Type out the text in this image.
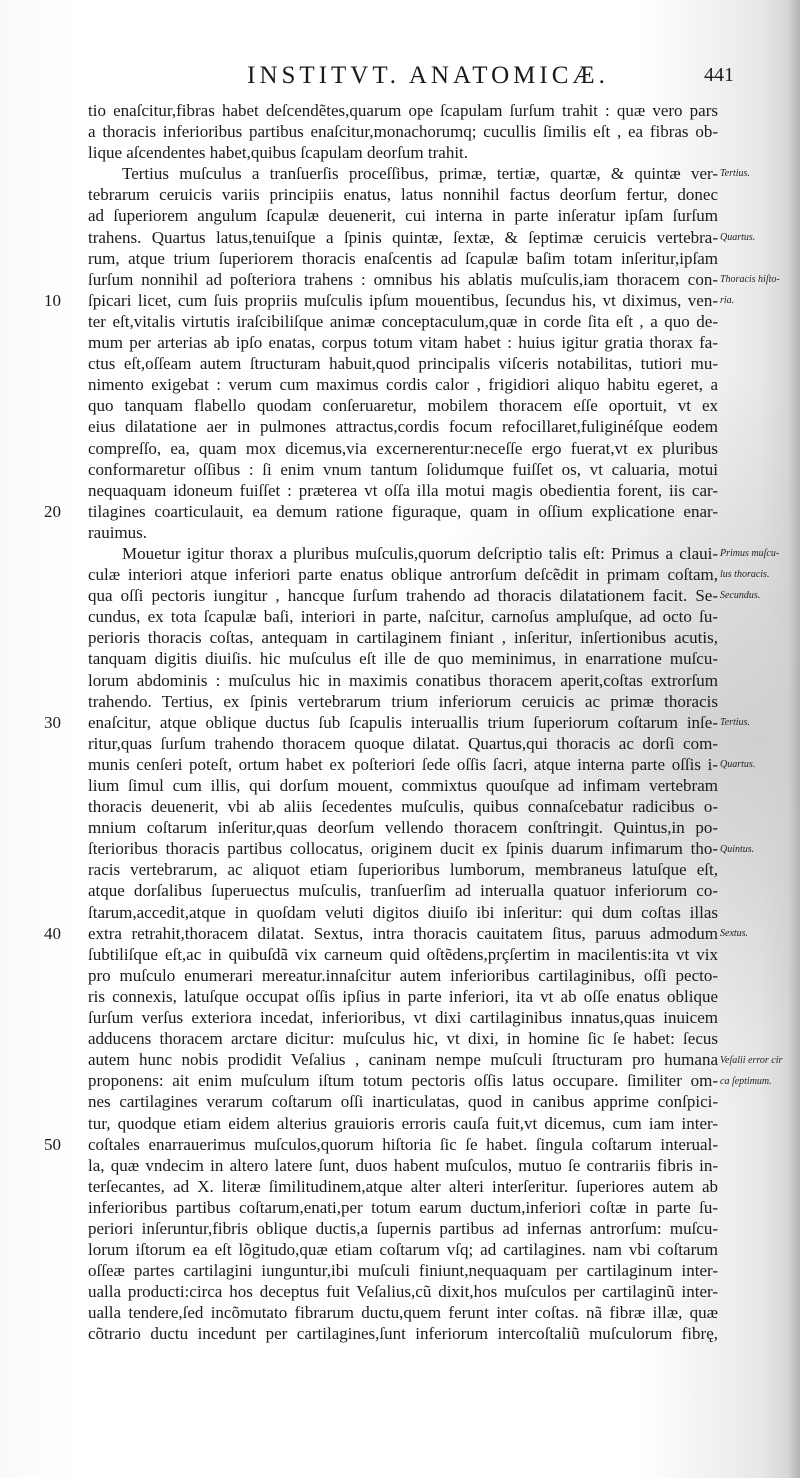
INSTITVT. ANATOMICÆ.	441
10
20
30
40
50
tio enaſcitur,fibras habet deſcendẽtes,quarum ope ſcapulam ſurſum trahit : quæ vero pars
a thoracis inferioribus partibus enaſcitur,monachorumq; cucullis ſimilis eſt , ea fibras ob-
lique aſcendentes habet,quibus ſcapulam deorſum trahit.
Tertius muſculus a tranſuerſis proceſſibus, primæ, tertiæ, quartæ, & quintæ ver-
tebrarum ceruicis variis principiis enatus, latus nonnihil factus deorſum fertur, donec
ad ſuperiorem angulum ſcapulæ deuenerit, cui interna in parte inſeratur ipſam ſurſum
trahens. Quartus latus,tenuiſque a ſpinis quintæ, ſextæ, & ſeptimæ ceruicis vertebra-
rum, atque trium ſuperiorem thoracis enaſcentis ad ſcapulæ baſim totam inſeritur,ipſam
ſurſum nonnihil ad poſteriora trahens : omnibus his ablatis muſculis,iam thoracem con-
ſpicari licet, cum ſuis propriis muſculis ipſum mouentibus, ſecundus his, vt diximus, ven-
ter eſt,vitalis virtutis iraſcibiliſque animæ conceptaculum,quæ in corde ſita eſt , a quo de-
mum per arterias ab ipſo enatas, corpus totum vitam habet : huius igitur gratia thorax fa-
ctus eſt,oſſeam autem ſtructuram habuit,quod principalis viſceris notabilitas, tutiori mu-
nimento exigebat : verum cum maximus cordis calor , frigidiori aliquo habitu egeret, a
quo tanquam flabello quodam conſeruaretur, mobilem thoracem eſſe oportuit, vt ex
eius dilatatione aer in pulmones attractus,cordis focum refocillaret,fuliginéſque eodem
compreſſo, ea, quam mox dicemus,via excernerentur:neceſſe ergo fuerat,vt ex pluribus
conformaretur oſſibus : ſi enim vnum tantum ſolidumque fuiſſet os, vt caluaria, motui
nequaquam idoneum fuiſſet : præterea vt oſſa illa motui magis obedientia forent, iis car-
tilagines coarticulauit, ea demum ratione figuraque, quam in oſſium explicatione enar-
rauimus.
Mouetur igitur thorax a pluribus muſculis,quorum deſcriptio talis eſt: Primus a claui-
culæ interiori atque inferiori parte enatus oblique antrorſum deſcẽdit in primam coſtam,
qua oſſi pectoris iungitur , hancque ſurſum trahendo ad thoracis dilatationem facit. Se-
cundus, ex tota ſcapulæ baſi, interiori in parte, naſcitur, carnoſus ampluſque, ad octo ſu-
perioris thoracis coſtas, antequam in cartilaginem finiant , inſeritur, inſertionibus acutis,
tanquam digitis diuiſis. hic muſculus eſt ille de quo meminimus, in enarratione muſcu-
lorum abdominis : muſculus hic in maximis conatibus thoracem aperit,coſtas extrorſum
trahendo. Tertius, ex ſpinis vertebrarum trium inferiorum ceruicis ac primæ thoracis
enaſcitur, atque oblique ductus ſub ſcapulis interuallis trium ſuperiorum coſtarum inſe-
ritur,quas ſurſum trahendo thoracem quoque dilatat. Quartus,qui thoracis ac dorſi com-
munis cenſeri poteſt, ortum habet ex poſteriori ſede oſſis ſacri, atque interna parte oſſis i-
lium ſimul cum illis, qui dorſum mouent, commixtus quouſque ad infimam vertebram
thoracis deuenerit, vbi ab aliis ſecedentes muſculis, quibus connaſcebatur radicibus o-
mnium coſtarum inſeritur,quas deorſum vellendo thoracem conſtringit. Quintus,in po-
ſterioribus thoracis partibus collocatus, originem ducit ex ſpinis duarum infimarum tho-
racis vertebrarum, ac aliquot etiam ſuperioribus lumborum, membraneus latuſque eſt,
atque dorſalibus ſuperuectus muſculis, tranſuerſim ad interualla quatuor inferiorum co-
ſtarum,accedit,atque in quoſdam veluti digitos diuiſo ibi inſeritur: qui dum coſtas illas
extra retrahit,thoracem dilatat. Sextus, intra thoracis cauitatem ſitus, paruus admodum
ſubtiliſque eſt,ac in quibuſdã vix carneum quid oſtẽdens,prçſertim in macilentis:ita vt vix
pro muſculo enumerari mereatur.innaſcitur autem inferioribus cartilaginibus, oſſi pecto-
ris connexis, latuſque occupat oſſis ipſius in parte inferiori, ita vt ab oſſe enatus oblique
ſurſum verſus exteriora incedat, inferioribus, vt dixi cartilaginibus innatus,quas inuicem
adducens thoracem arctare dicitur: muſculus hic, vt dixi, in homine ſic ſe habet: ſecus
autem hunc nobis prodidit Veſalius , caninam nempe muſculi ſtructuram pro humana
proponens: ait enim muſculum iſtum totum pectoris oſſis latus occupare. ſimiliter om-
nes cartilagines verarum coſtarum oſſi inarticulatas, quod in canibus apprime conſpici-
tur, quodque etiam eidem alterius grauioris erroris cauſa fuit,vt dicemus, cum iam inter-
coſtales enarrauerimus muſculos,quorum hiſtoria ſic ſe habet. ſingula coſtarum interual-
la, quæ vndecim in altero latere ſunt, duos habent muſculos, mutuo ſe contrariis fibris in-
terſecantes, ad X. literæ ſimilitudinem,atque alter alteri interſeritur. ſuperiores autem ab
inferioribus partibus coſtarum,enati,per totum earum ductum,inferiori coſtæ in parte ſu-
periori inſeruntur,fibris oblique ductis,a ſupernis partibus ad infernas antrorſum: muſcu-
lorum iſtorum ea eſt lõgitudo,quæ etiam coſtarum vſq; ad cartilagines. nam vbi coſtarum
oſſeæ partes cartilagini iunguntur,ibi muſculi finiunt,nequaquam per cartilaginum inter-
ualla producti:circa hos deceptus fuit Veſalius,cũ dixit,hos muſculos per cartilaginũ inter-
ualla tendere,ſed incõmutato fibrarum ductu,quem ferunt inter coſtas. nã fibræ illæ, quæ
cõtrario ductu incedunt per cartilagines,ſunt inferiorum intercoſtaliũ muſculorum fibrę,
Tertius.
Quartus.
Thoracis hiſto-
ria.
Primus muſcu-
lus thoracis.
Secundus.
Tertius.
Quartus.
Quintus.
Sextus.
Veſalii error cir
ca ſeptimum.
